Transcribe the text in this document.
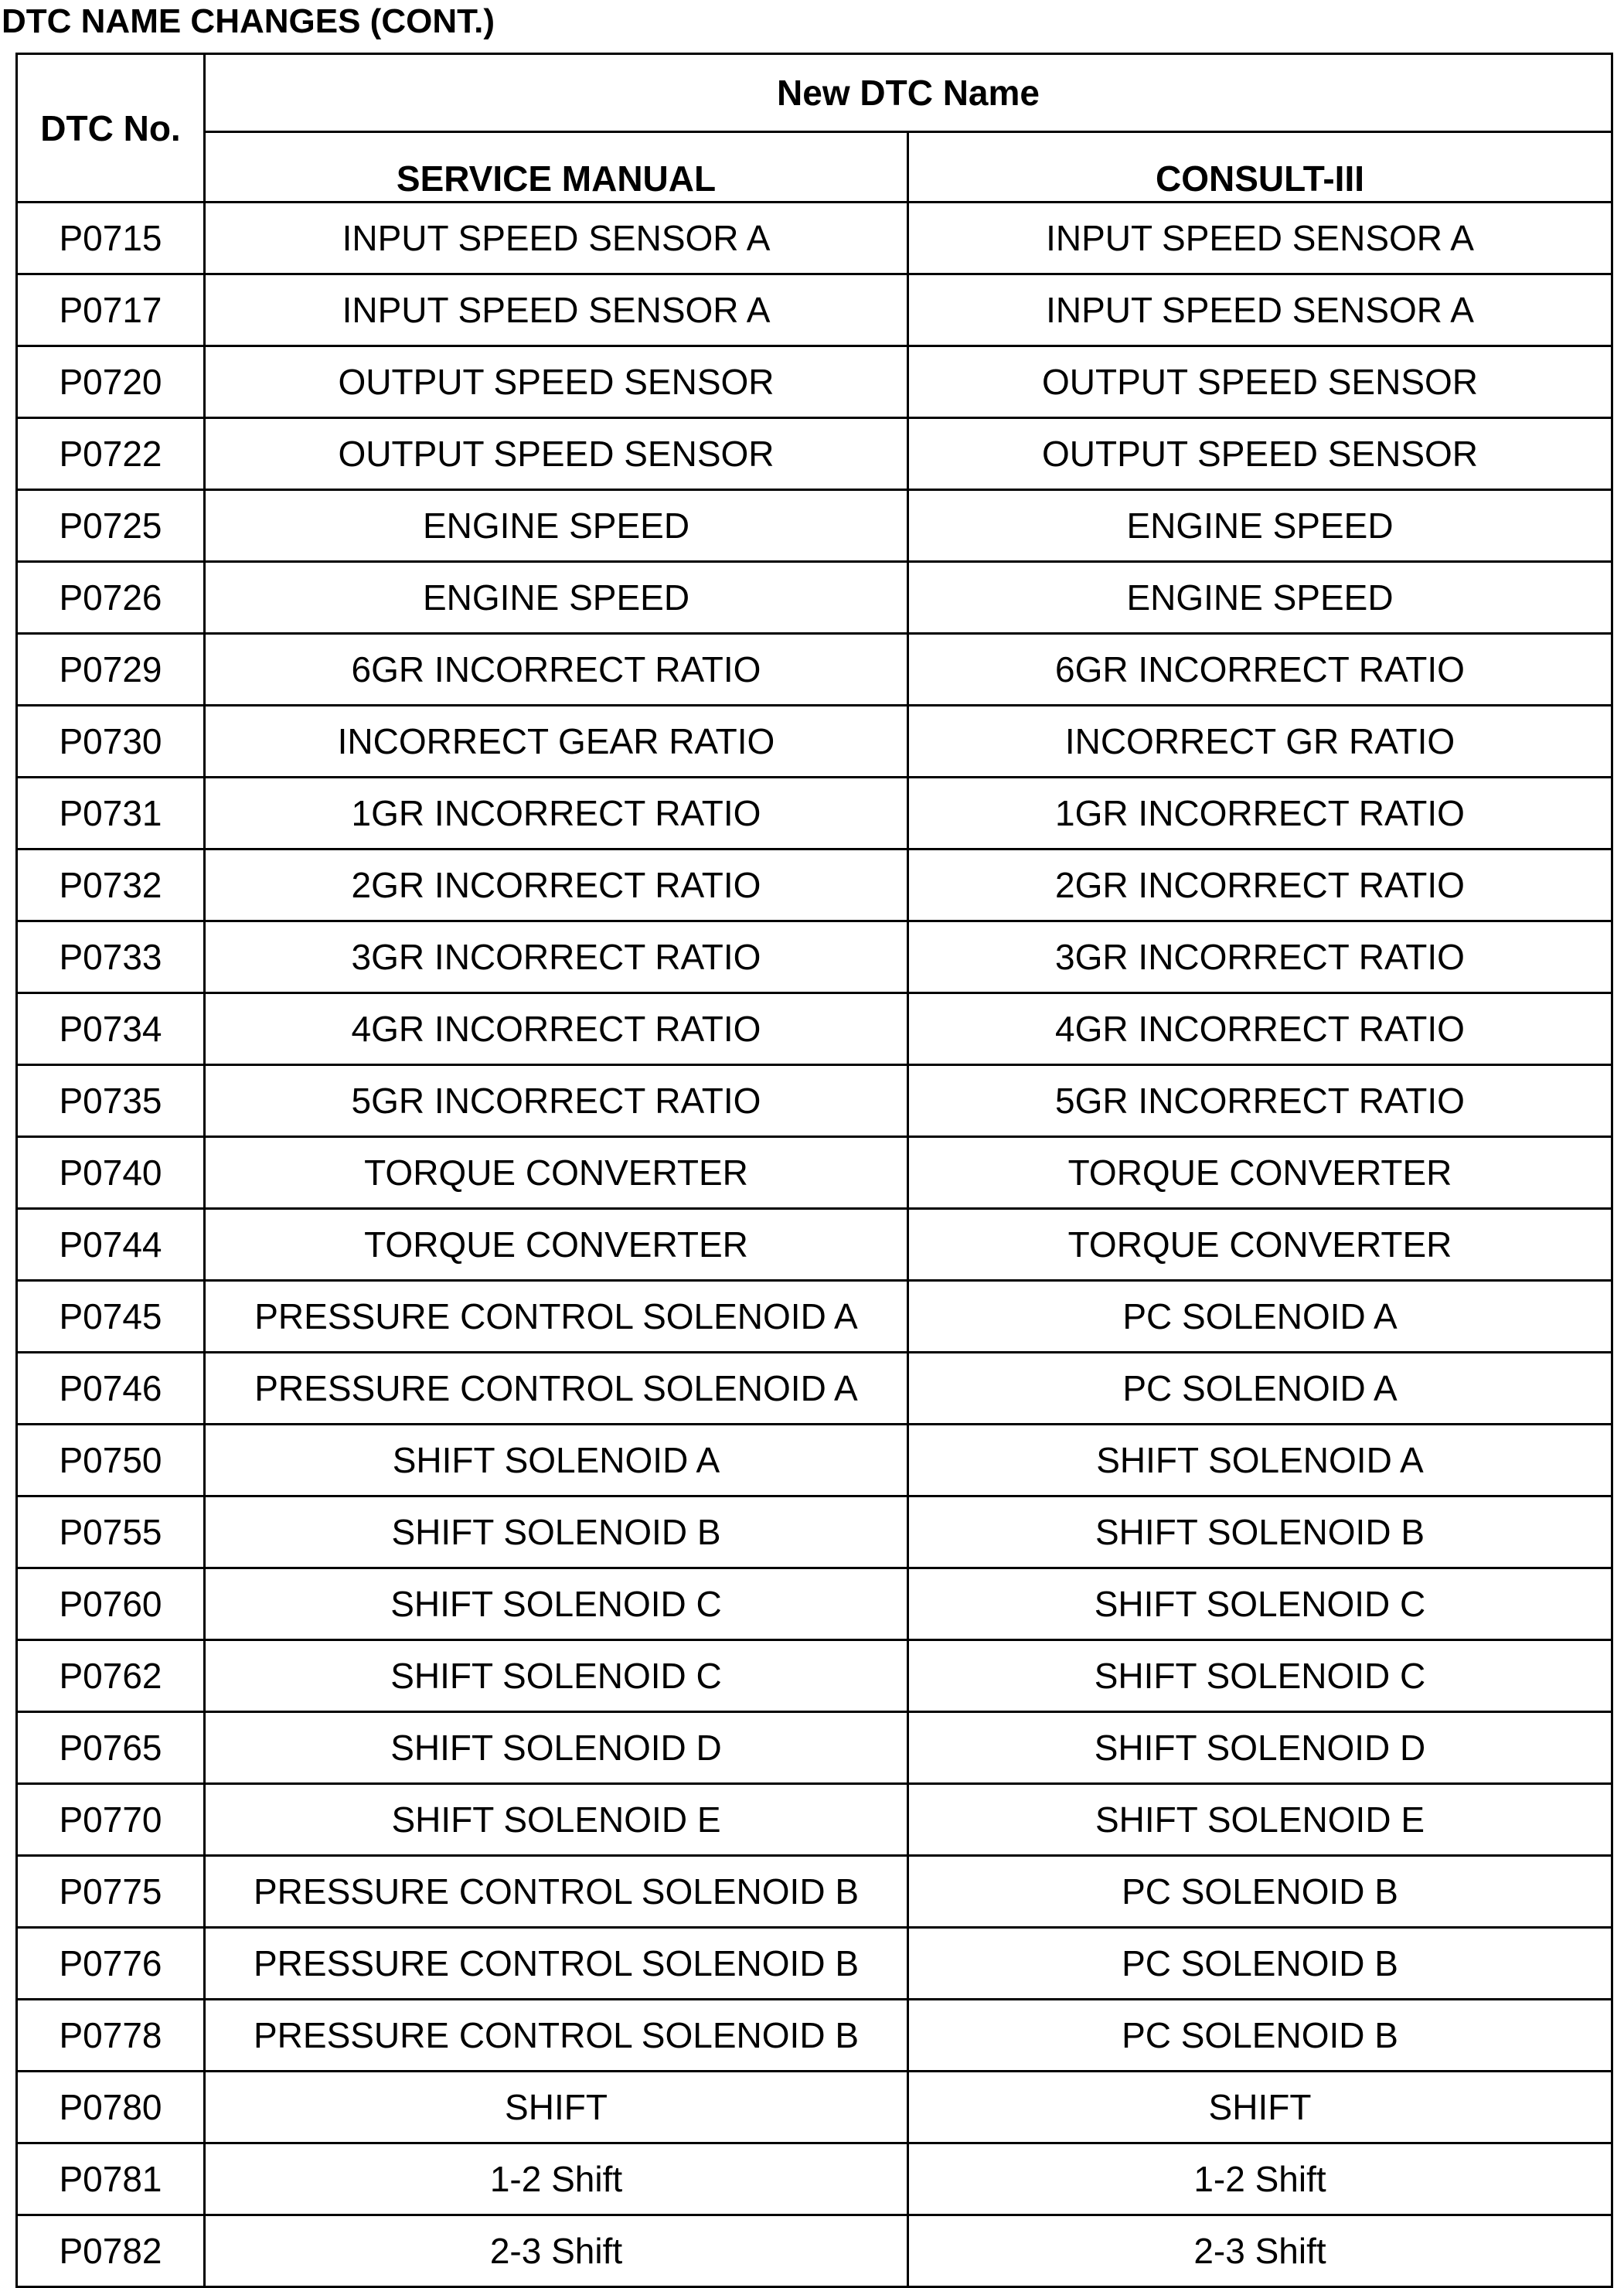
DTC NAME CHANGES (CONT.)
DTC No.	New DTC Name	
	SERVICE MANUAL	CONSULT-III
P0715	INPUT SPEED SENSOR A	INPUT SPEED SENSOR A
P0717	INPUT SPEED SENSOR A	INPUT SPEED SENSOR A
P0720	OUTPUT SPEED SENSOR	OUTPUT SPEED SENSOR
P0722	OUTPUT SPEED SENSOR	OUTPUT SPEED SENSOR
P0725	ENGINE SPEED	ENGINE SPEED
P0726	ENGINE SPEED	ENGINE SPEED
P0729	6GR INCORRECT RATIO	6GR INCORRECT RATIO
P0730	INCORRECT GEAR RATIO	INCORRECT GR RATIO
P0731	1GR INCORRECT RATIO	1GR INCORRECT RATIO
P0732	2GR INCORRECT RATIO	2GR INCORRECT RATIO
P0733	3GR INCORRECT RATIO	3GR INCORRECT RATIO
P0734	4GR INCORRECT RATIO	4GR INCORRECT RATIO
P0735	5GR INCORRECT RATIO	5GR INCORRECT RATIO
P0740	TORQUE CONVERTER	TORQUE CONVERTER
P0744	TORQUE CONVERTER	TORQUE CONVERTER
P0745	PRESSURE CONTROL SOLENOID A	PC SOLENOID A
P0746	PRESSURE CONTROL SOLENOID A	PC SOLENOID A
P0750	SHIFT SOLENOID A	SHIFT SOLENOID A
P0755	SHIFT SOLENOID B	SHIFT SOLENOID B
P0760	SHIFT SOLENOID C	SHIFT SOLENOID C
P0762	SHIFT SOLENOID C	SHIFT SOLENOID C
P0765	SHIFT SOLENOID D	SHIFT SOLENOID D
P0770	SHIFT SOLENOID E	SHIFT SOLENOID E
P0775	PRESSURE CONTROL SOLENOID B	PC SOLENOID B
P0776	PRESSURE CONTROL SOLENOID B	PC SOLENOID B
P0778	PRESSURE CONTROL SOLENOID B	PC SOLENOID B
P0780	SHIFT	SHIFT
P0781	1-2 Shift	1-2 Shift
P0782	2-3 Shift	2-3 Shift
